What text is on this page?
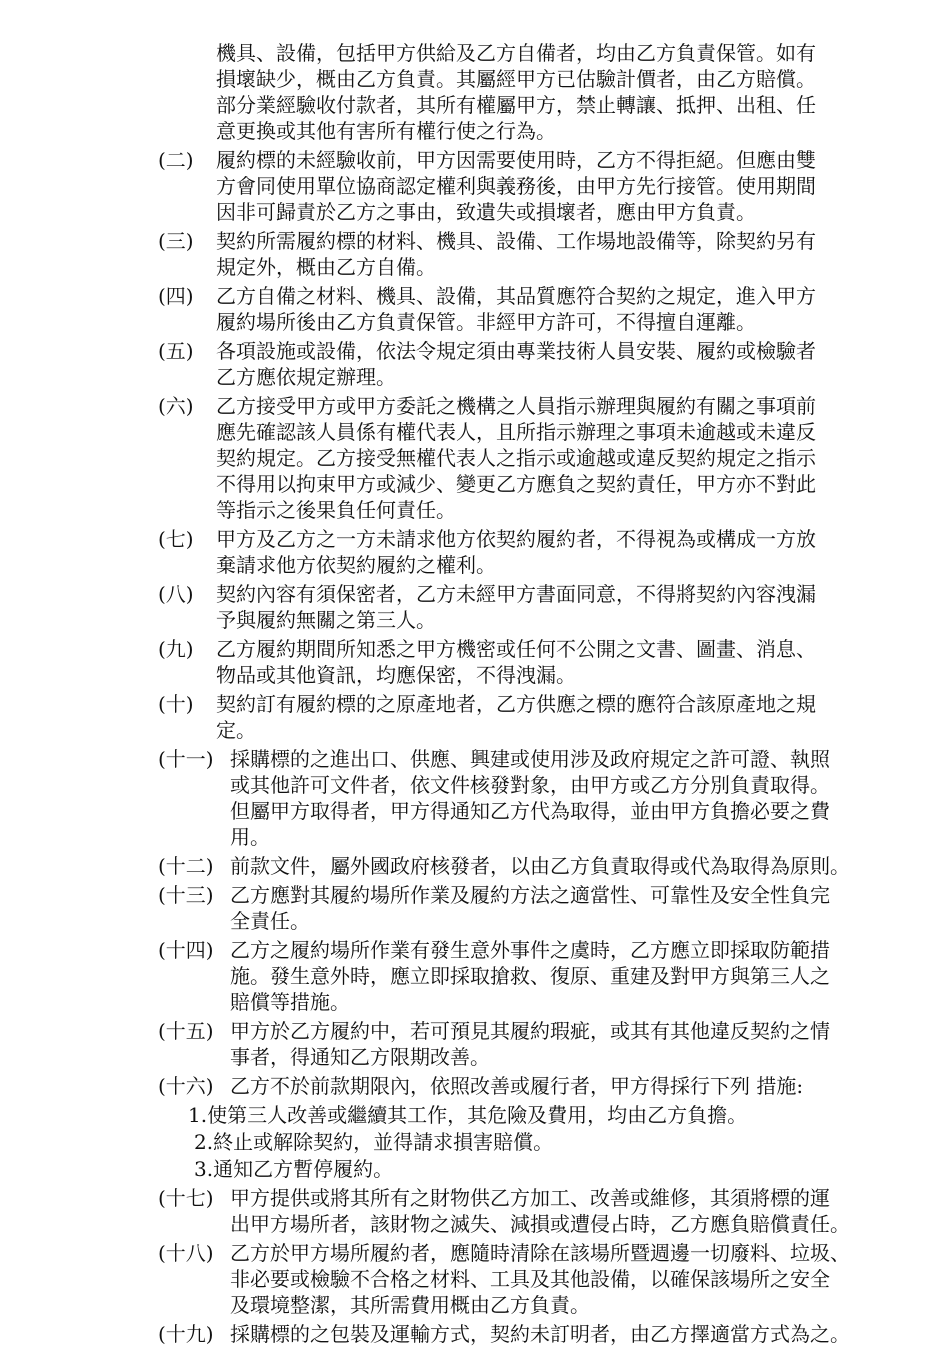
機具、設備，包括甲方供給及乙方自備者，均由乙方負責保管。如有
損壞缺少，概由乙方負責。其屬經甲方已估驗計價者，由乙方賠償。
部分業經驗收付款者，其所有權屬甲方，禁止轉讓、抵押、出租、任
意更換或其他有害所有權行使之行為。
(二)	履約標的未經驗收前，甲方因需要使用時，乙方不得拒絕。但應由雙
方會同使用單位協商認定權利與義務後，由甲方先行接管。使用期間
因非可歸責於乙方之事由，致遺失或損壞者，應由甲方負責。
(三)	契約所需履約標的材料、機具、設備、工作場地設備等，除契約另有
規定外，概由乙方自備。
(四)	乙方自備之材料、機具、設備，其品質應符合契約之規定，進入甲方
履約場所後由乙方負責保管。非經甲方許可，不得擅自運離。
(五)	各項設施或設備，依法令規定須由專業技術人員安裝、履約或檢驗者
乙方應依規定辦理。
(六)	乙方接受甲方或甲方委託之機構之人員指示辦理與履約有關之事項前
應先確認該人員係有權代表人，且所指示辦理之事項未逾越或未違反
契約規定。乙方接受無權代表人之指示或逾越或違反契約規定之指示
不得用以拘束甲方或減少、變更乙方應負之契約責任，甲方亦不對此
等指示之後果負任何責任。
(七)	甲方及乙方之一方未請求他方依契約履約者，不得視為或構成一方放
棄請求他方依契約履約之權利。
(八)	契約內容有須保密者，乙方未經甲方書面同意，不得將契約內容洩漏
予與履約無關之第三人。
(九)	乙方履約期間所知悉之甲方機密或任何不公開之文書、圖畫、消息、
物品或其他資訊，均應保密，不得洩漏。
(十)	契約訂有履約標的之原產地者，乙方供應之標的應符合該原產地之規
定。
(十一) 採購標的之進出口、供應、興建或使用涉及政府規定之許可證、執照
或其他許可文件者，依文件核發對象，由甲方或乙方分別負責取得。
但屬甲方取得者，甲方得通知乙方代為取得，並由甲方負擔必要之費
用。
(十二) 前款文件，屬外國政府核發者，以由乙方負責取得或代為取得為原則。
(十三) 乙方應對其履約場所作業及履約方法之適當性、可靠性及安全性負完
全責任。
(十四) 乙方之履約場所作業有發生意外事件之虞時，乙方應立即採取防範措
施。發生意外時，應立即採取搶救、復原、重建及對甲方與第三人之
賠償等措施。
(十五) 甲方於乙方履約中，若可預見其履約瑕疵，或其有其他違反契約之情
事者，得通知乙方限期改善。
(十六) 乙方不於前款期限內，依照改善或履行者，甲方得採行下列 措施:
1.使第三人改善或繼續其工作，其危險及費用，均由乙方負擔。
2.終止或解除契約，並得請求損害賠償。
3.通知乙方暫停履約。
(十七) 甲方提供或將其所有之財物供乙方加工、改善或維修，其須將標的運
出甲方場所者，該財物之滅失、減損或遭侵占時，乙方應負賠償責任。
(十八) 乙方於甲方場所履約者，應隨時清除在該場所暨週邊一切廢料、垃圾、
非必要或檢驗不合格之材料、工具及其他設備，以確保該場所之安全
及環境整潔，其所需費用概由乙方負責。
(十九) 採購標的之包裝及運輸方式，契約未訂明者，由乙方擇適當方式為之。
